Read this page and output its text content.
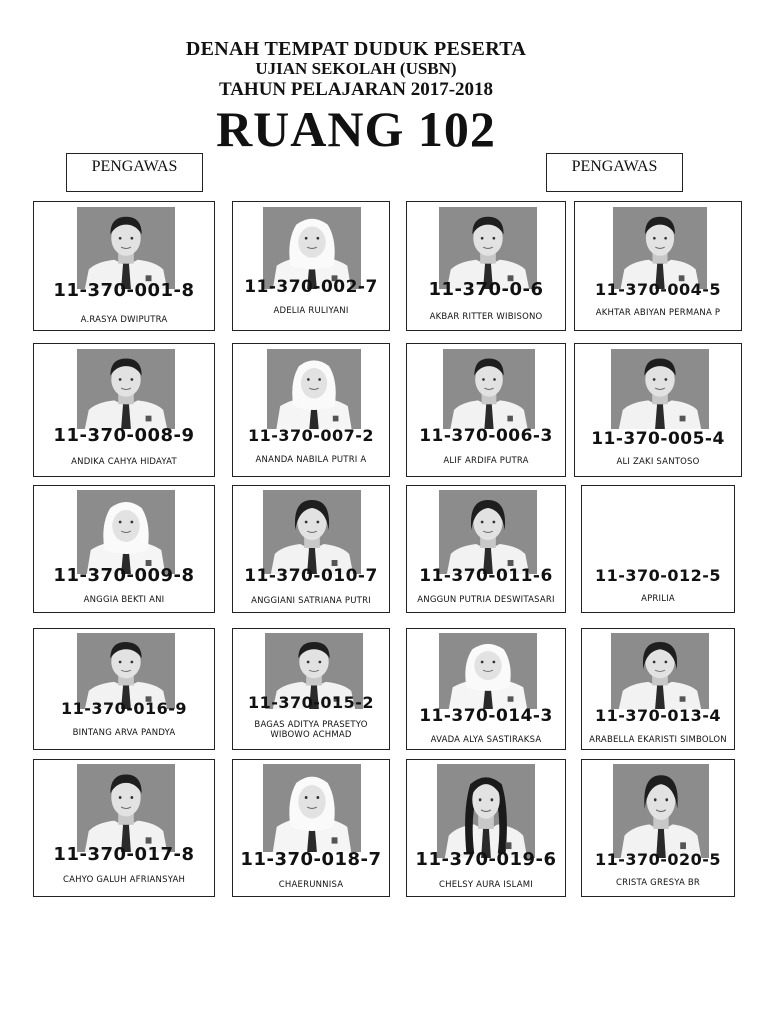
DENAH TEMPAT DUDUK PESERTA
UJIAN SEKOLAH (USBN)
TAHUN PELAJARAN 2017-2018
RUANG 102
PENGAWAS	PENGAWAS
11-370-001-8
A.RASYA DWIPUTRA
11-370-002-7
ADELIA RULIYANI
11-370-0-6
AKBAR RITTER WIBISONO
11-370-004-5
AKHTAR ABIYAN PERMANA P
11-370-008-9
ANDIKA CAHYA HIDAYAT
11-370-007-2
ANANDA NABILA PUTRI A
11-370-006-3
ALIF ARDIFA PUTRA
11-370-005-4
ALI ZAKI SANTOSO
11-370-009-8
ANGGIA BEKTI ANI
11-370-010-7
ANGGIANI SATRIANA PUTRI
11-370-011-6
ANGGUN PUTRIA DESWITASARI
11-370-012-5
APRILIA
11-370-016-9
BINTANG ARVA PANDYA
11-370-015-2
BAGAS ADITYA PRASETYO WIBOWO ACHMAD
11-370-014-3
AVADA ALYA SASTIRAKSA
11-370-013-4
ARABELLA EKARISTI SIMBOLON
11-370-017-8
CAHYO GALUH AFRIANSYAH
11-370-018-7
CHAERUNNISA
11-370-019-6
CHELSY AURA ISLAMI
11-370-020-5
CRISTA GRESYA BR
